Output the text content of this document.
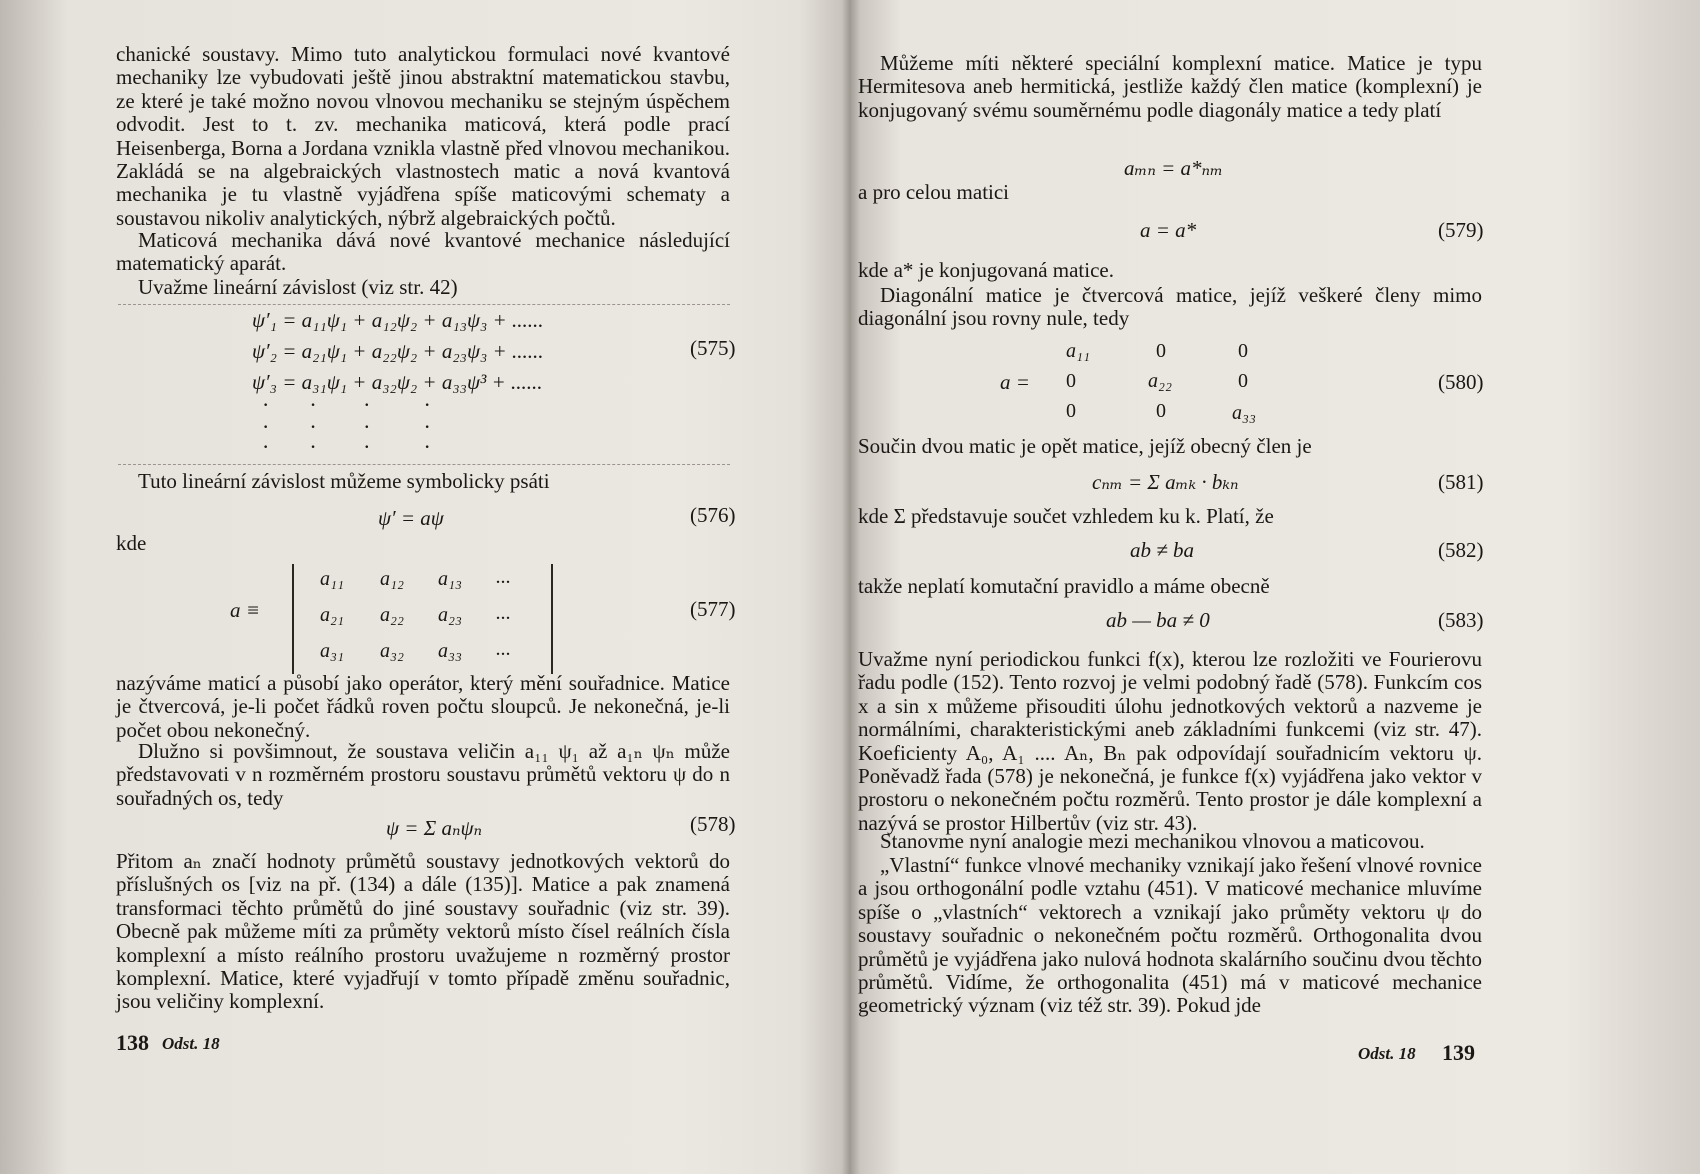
chanické soustavy. Mimo tuto analytickou formulaci nové kvantové mechaniky lze vybudovati ještě jinou abstraktní matematickou stavbu, ze které je také možno novou vlnovou mechaniku se stejným úspěchem odvodit. Jest to t. zv. mechanika maticová, která podle prací Heisenberga, Borna a Jordana vznikla vlastně před vlnovou mechanikou. Zakládá se na algebraických vlastnostech matic a nová kvantová mechanika je tu vlastně vyjádřena spíše maticovými schematy a soustavou nikoliv analytických, nýbrž algebraických počtů.
Maticová mechanika dává nové kvantové mechanice následující matematický aparát.
Uvažme lineární závislost (viz str. 42)
ψ′₁ = a₁₁ψ₁ + a₁₂ψ₂ + a₁₃ψ₃ + ......
ψ′₂ = a₂₁ψ₁ + a₂₂ψ₂ + a₂₃ψ₃ + ......
ψ′₃ = a₃₁ψ₁ + a₃₂ψ₂ + a₃₃ψ³ + ......
(575)
·      ·       ·        ·
·      ·       ·        ·
·      ·       ·        ·
Tuto lineární závislost můžeme symbolicky psáti
ψ′ = aψ	(576)
kde
a ≡
a₁₁ a₁₂ a₁₃ ...
a₂₁ a₂₂ a₂₃ ...
a₃₁ a₃₂ a₃₃ ...
(577)
nazýváme maticí a působí jako operátor, který mění souřadnice. Matice je čtvercová, je-li počet řádků roven počtu sloupců. Je nekonečná, je-li počet obou nekonečný.
Dlužno si povšimnout, že soustava veličin a₁₁ ψ₁ až a₁ₙ ψₙ může představovati v n rozměrném prostoru soustavu průmětů vektoru ψ do n souřadných os, tedy
ψ = Σ aₙψₙ	(578)
Přitom aₙ značí hodnoty průmětů soustavy jednotkových vektorů do příslušných os [viz na př. (134) a dále (135)]. Matice a pak znamená transformaci těchto průmětů do jiné soustavy souřadnic (viz str. 39). Obecně pak můžeme míti za průměty vektorů místo čísel reálních čísla komplexní a místo reálního prostoru uvažujeme n rozměrný prostor komplexní. Matice, které vyjadřují v tomto případě změnu souřadnic, jsou veličiny komplexní.
138 Odst. 18
Můžeme míti některé speciální komplexní matice. Matice je typu Hermitesova aneb hermitická, jestliže každý člen matice (komplexní) je konjugovaný svému souměrnému podle diagonály matice a tedy platí
aₘₙ = a*ₙₘ
a pro celou matici
a = a*	(579)
kde a* je konjugovaná matice.
Diagonální matice je čtvercová matice, jejíž veškeré členy mimo diagonální jsou rovny nule, tedy
a =
a₁₁	0	0
0	a₂₂	0
0	0	a₃₃
(580)
Součin dvou matic je opět matice, jejíž obecný člen je
cₙₘ = Σ aₘₖ · bₖₙ	(581)
kde Σ představuje součet vzhledem ku k. Platí, že
ab ≠ ba	(582)
takže neplatí komutační pravidlo a máme obecně
ab — ba ≠ 0	(583)
Uvažme nyní periodickou funkci f(x), kterou lze rozložiti ve Fourierovu řadu podle (152). Tento rozvoj je velmi podobný řadě (578). Funkcím cos x a sin x můžeme přisouditi úlohu jednotkových vektorů a nazveme je normálními, charakteristickými aneb základními funkcemi (viz str. 47). Koeficienty A₀, A₁ .... Aₙ, Bₙ pak odpovídají souřadnicím vektoru ψ. Poněvadž řada (578) je nekonečná, je funkce f(x) vyjádřena jako vektor v prostoru o nekonečném počtu rozměrů. Tento prostor je dále komplexní a nazývá se prostor Hilbertův (viz str. 43).
Stanovme nyní analogie mezi mechanikou vlnovou a maticovou.
„Vlastní“ funkce vlnové mechaniky vznikají jako řešení vlnové rovnice a jsou orthogonální podle vztahu (451). V maticové mechanice mluvíme spíše o „vlastních“ vektorech a vznikají jako průměty vektoru ψ do soustavy souřadnic o nekonečném počtu rozměrů. Orthogonalita dvou průmětů je vyjádřena jako nulová hodnota skalárního součinu dvou těchto průmětů. Vidíme, že orthogonalita (451) má v maticové mechanice geometrický význam (viz též str. 39). Pokud jde
Odst. 18 139
